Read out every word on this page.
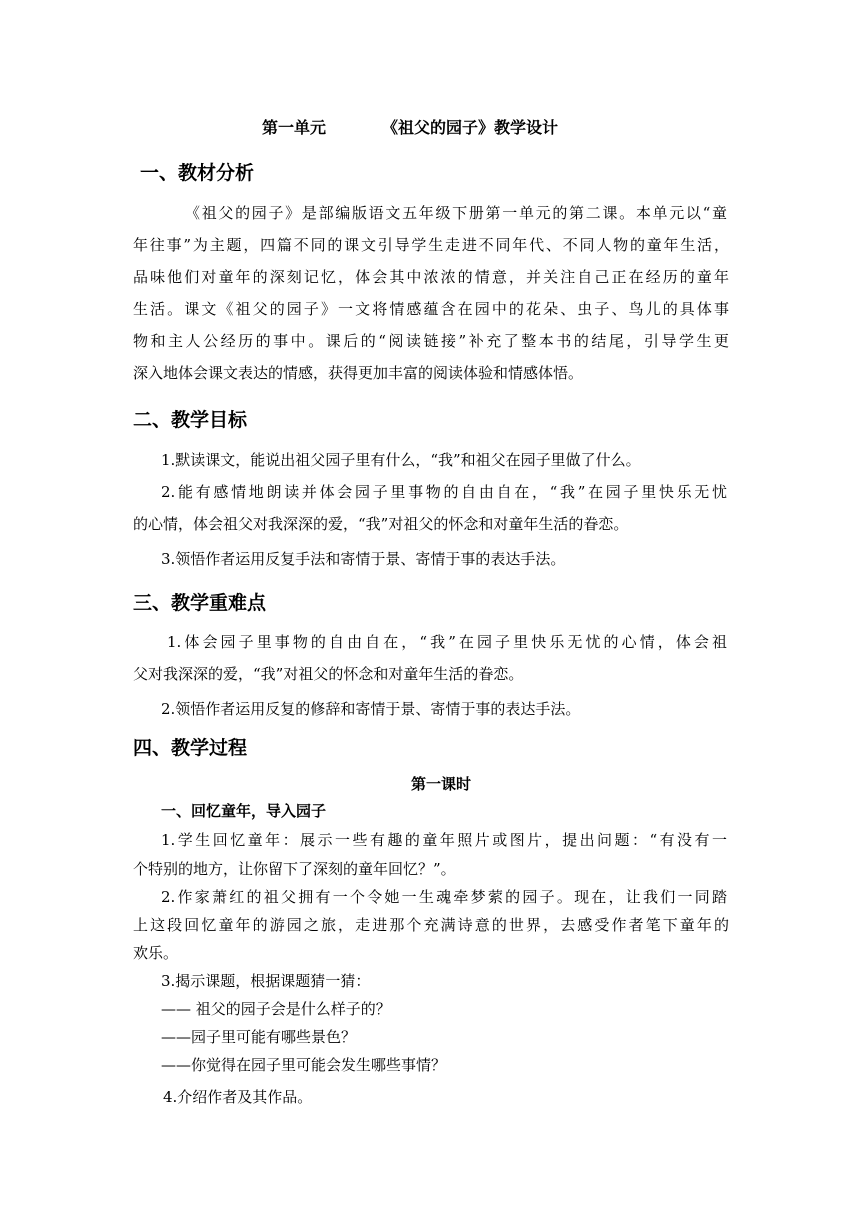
第一单元	《祖父的园子》教学设计
一、教材分析
《祖父的园子》是部编版语文五年级下册第一单元的第二课。本单元以“童
年往事”为主题，四篇不同的课文引导学生走进不同年代、不同人物的童年生活，
品味他们对童年的深刻记忆，体会其中浓浓的情意，并关注自己正在经历的童年
生活。课文《祖父的园子》一文将情感蕴含在园中的花朵、虫子、鸟儿的具体事
物和主人公经历的事中。课后的“阅读链接”补充了整本书的结尾，引导学生更
深入地体会课文表达的情感，获得更加丰富的阅读体验和情感体悟。
二、教学目标
1.默读课文，能说出祖父园子里有什么，“我”和祖父在园子里做了什么。
2.能有感情地朗读并体会园子里事物的自由自在，“我”在园子里快乐无忧
的心情，体会祖父对我深深的爱，“我”对祖父的怀念和对童年生活的眷恋。
3.领悟作者运用反复手法和寄情于景、寄情于事的表达手法。
三、教学重难点
1.体会园子里事物的自由自在，“我”在园子里快乐无忧的心情，体会祖
父对我深深的爱，“我”对祖父的怀念和对童年生活的眷恋。
2.领悟作者运用反复的修辞和寄情于景、寄情于事的表达手法。
四、教学过程
第一课时
一、回忆童年，导入园子
1.学生回忆童年：展示一些有趣的童年照片或图片，提出问题：“有没有一
个特别的地方，让你留下了深刻的童年回忆？”。
2.作家萧红的祖父拥有一个令她一生魂牵梦萦的园子。现在，让我们一同踏
上这段回忆童年的游园之旅，走进那个充满诗意的世界，去感受作者笔下童年的
欢乐。
3.揭示课题，根据课题猜一猜：
—— 祖父的园子会是什么样子的？
——园子里可能有哪些景色？
——你觉得在园子里可能会发生哪些事情？
4.介绍作者及其作品。
